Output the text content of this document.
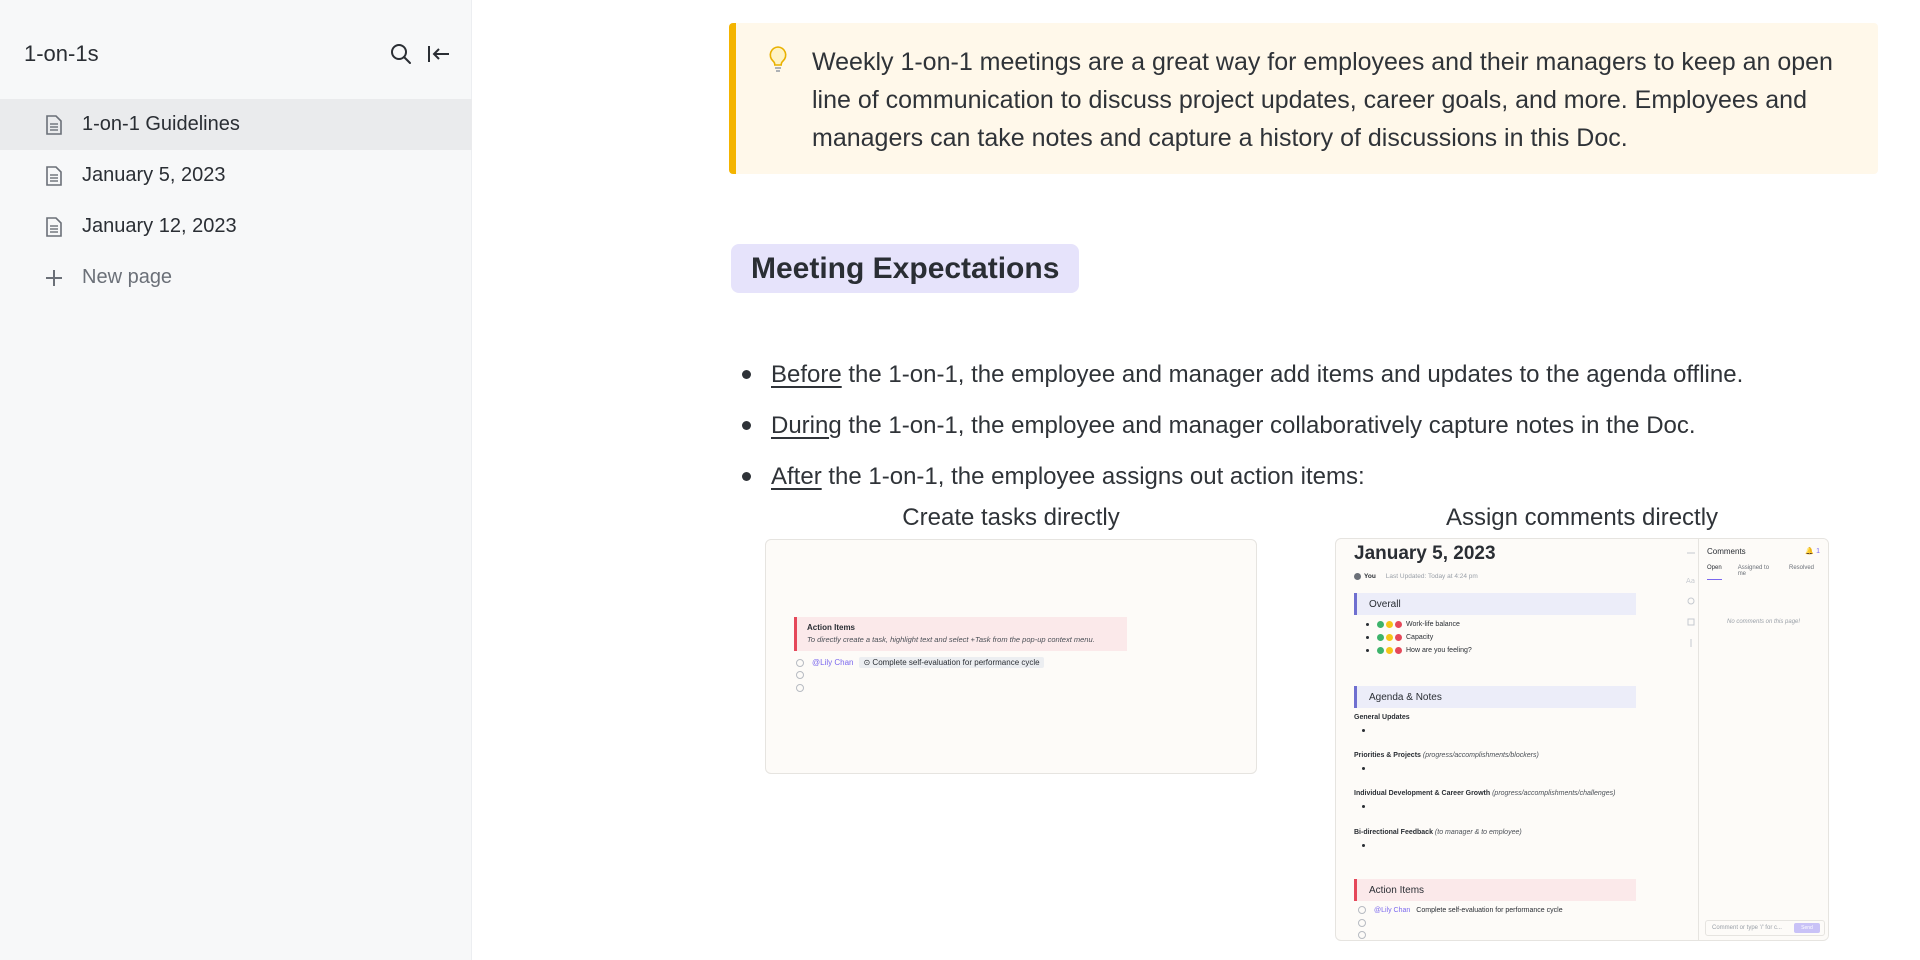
1-on-1s
1-on-1 Guidelines
January 5, 2023
January 12, 2023
New page
Weekly 1-on-1 meetings are a great way for employees and their managers to keep an open line of communication to discuss project updates, career goals, and more. Employees and managers can take notes and capture a history of discussions in this Doc.
Meeting Expectations
Before the 1-on-1, the employee and manager add items and updates to the agenda offline.
During the 1-on-1, the employee and manager collaboratively capture notes in the Doc.
After the 1-on-1, the employee assigns out action items:
Create tasks directly	Assign comments directly
Action Items
To directly create a task, highlight text and select +Task from the pop-up context menu.
@Lily Chan	⊙ Complete self-evaluation for performance cycle
January 5, 2023
You Last Updated: Today at 4:24 pm
Overall
Work-life balance
Capacity
How are you feeling?
Agenda & Notes
General Updates
Priorities & Projects (progress/accomplishments/blockers)
Individual Development & Career Growth (progress/accomplishments/challenges)
Bi-directional Feedback (to manager & to employee)
Action Items
@Lily Chan Complete self-evaluation for performance cycle
Aa
Comments	🔔 1
Open	Assigned to me
Resolved
No comments on this page!
Comment or type '/' for c...	Send
